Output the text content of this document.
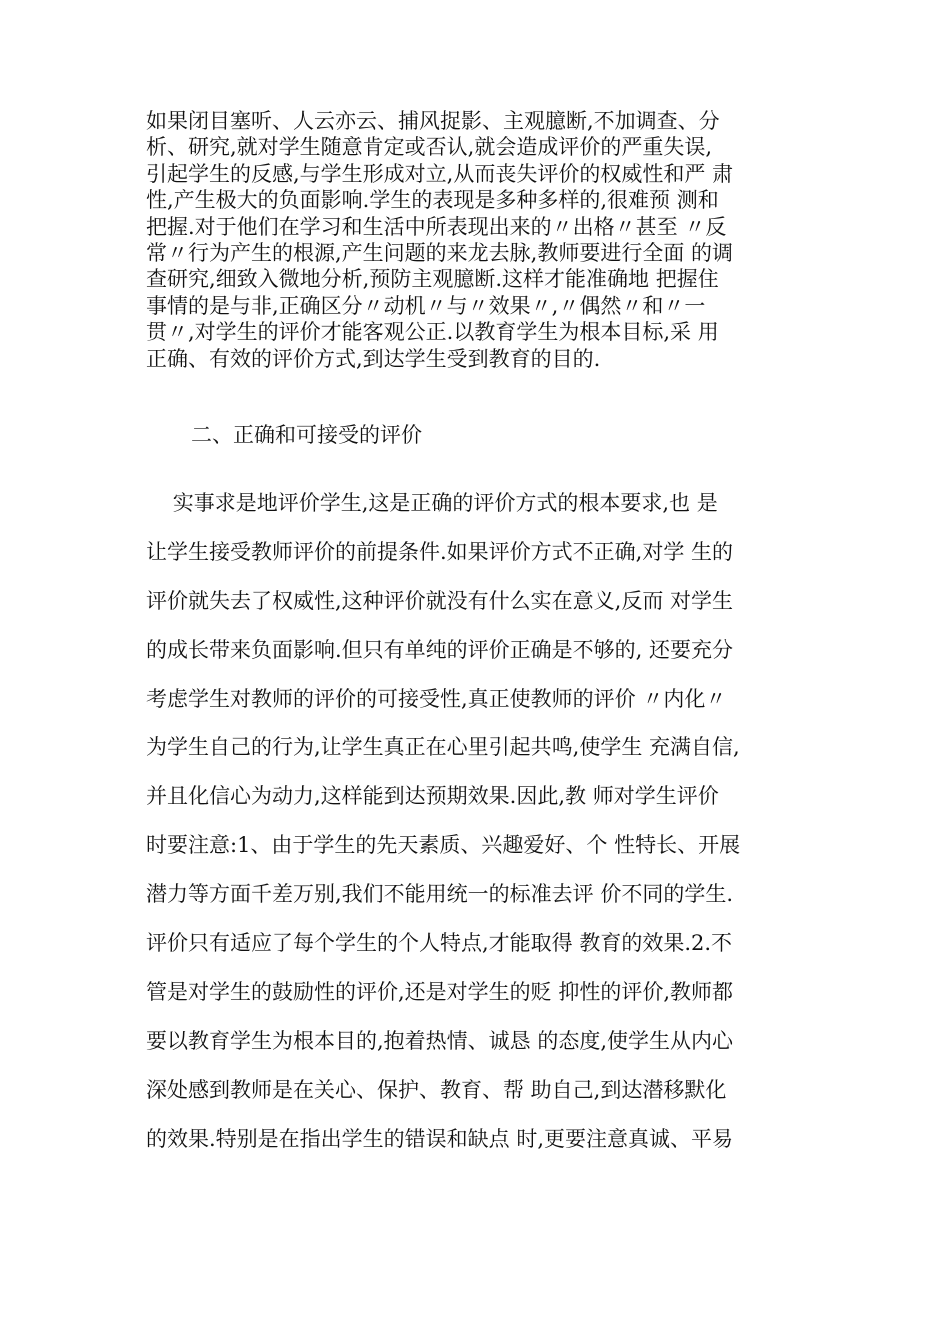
如果闭目塞听、人云亦云、捕风捉影、主观臆断,不加调查、分
析、研究,就对学生随意肯定或否认,就会造成评价的严重失误,
引起学生的反感,与学生形成对立,从而丧失评价的权威性和严 肃
性,产生极大的负面影响.学生的表现是多种多样的,很难预 测和
把握.对于他们在学习和生活中所表现出来的〃出格〃甚至 〃反
常〃行为产生的根源,产生问题的来龙去脉,教师要进行全面 的调
查研究,细致入微地分析,预防主观臆断.这样才能准确地 把握住
事情的是与非,正确区分〃动机〃与〃效果〃,〃偶然〃和〃一
贯〃,对学生的评价才能客观公正.以教育学生为根本目标,采 用
正确、有效的评价方式,到达学生受到教育的目的.
二、正确和可接受的评价
实事求是地评价学生,这是正确的评价方式的根本要求,也 是
让学生接受教师评价的前提条件.如果评价方式不正确,对学 生的
评价就失去了权威性,这种评价就没有什么实在意义,反而 对学生
的成长带来负面影响.但只有单纯的评价正确是不够的, 还要充分
考虑学生对教师的评价的可接受性,真正使教师的评价 〃内化〃
为学生自己的行为,让学生真正在心里引起共鸣,使学生 充满自信,
并且化信心为动力,这样能到达预期效果.因此,教 师对学生评价
时要注意:1、由于学生的先天素质、兴趣爱好、个 性特长、开展
潜力等方面千差万别,我们不能用统一的标准去评 价不同的学生.
评价只有适应了每个学生的个人特点,才能取得 教育的效果.2.不
管是对学生的鼓励性的评价,还是对学生的贬 抑性的评价,教师都
要以教育学生为根本目的,抱着热情、诚恳 的态度,使学生从内心
深处感到教师是在关心、保护、教育、帮 助自己,到达潜移默化
的效果.特别是在指出学生的错误和缺点 时,更要注意真诚、平易
